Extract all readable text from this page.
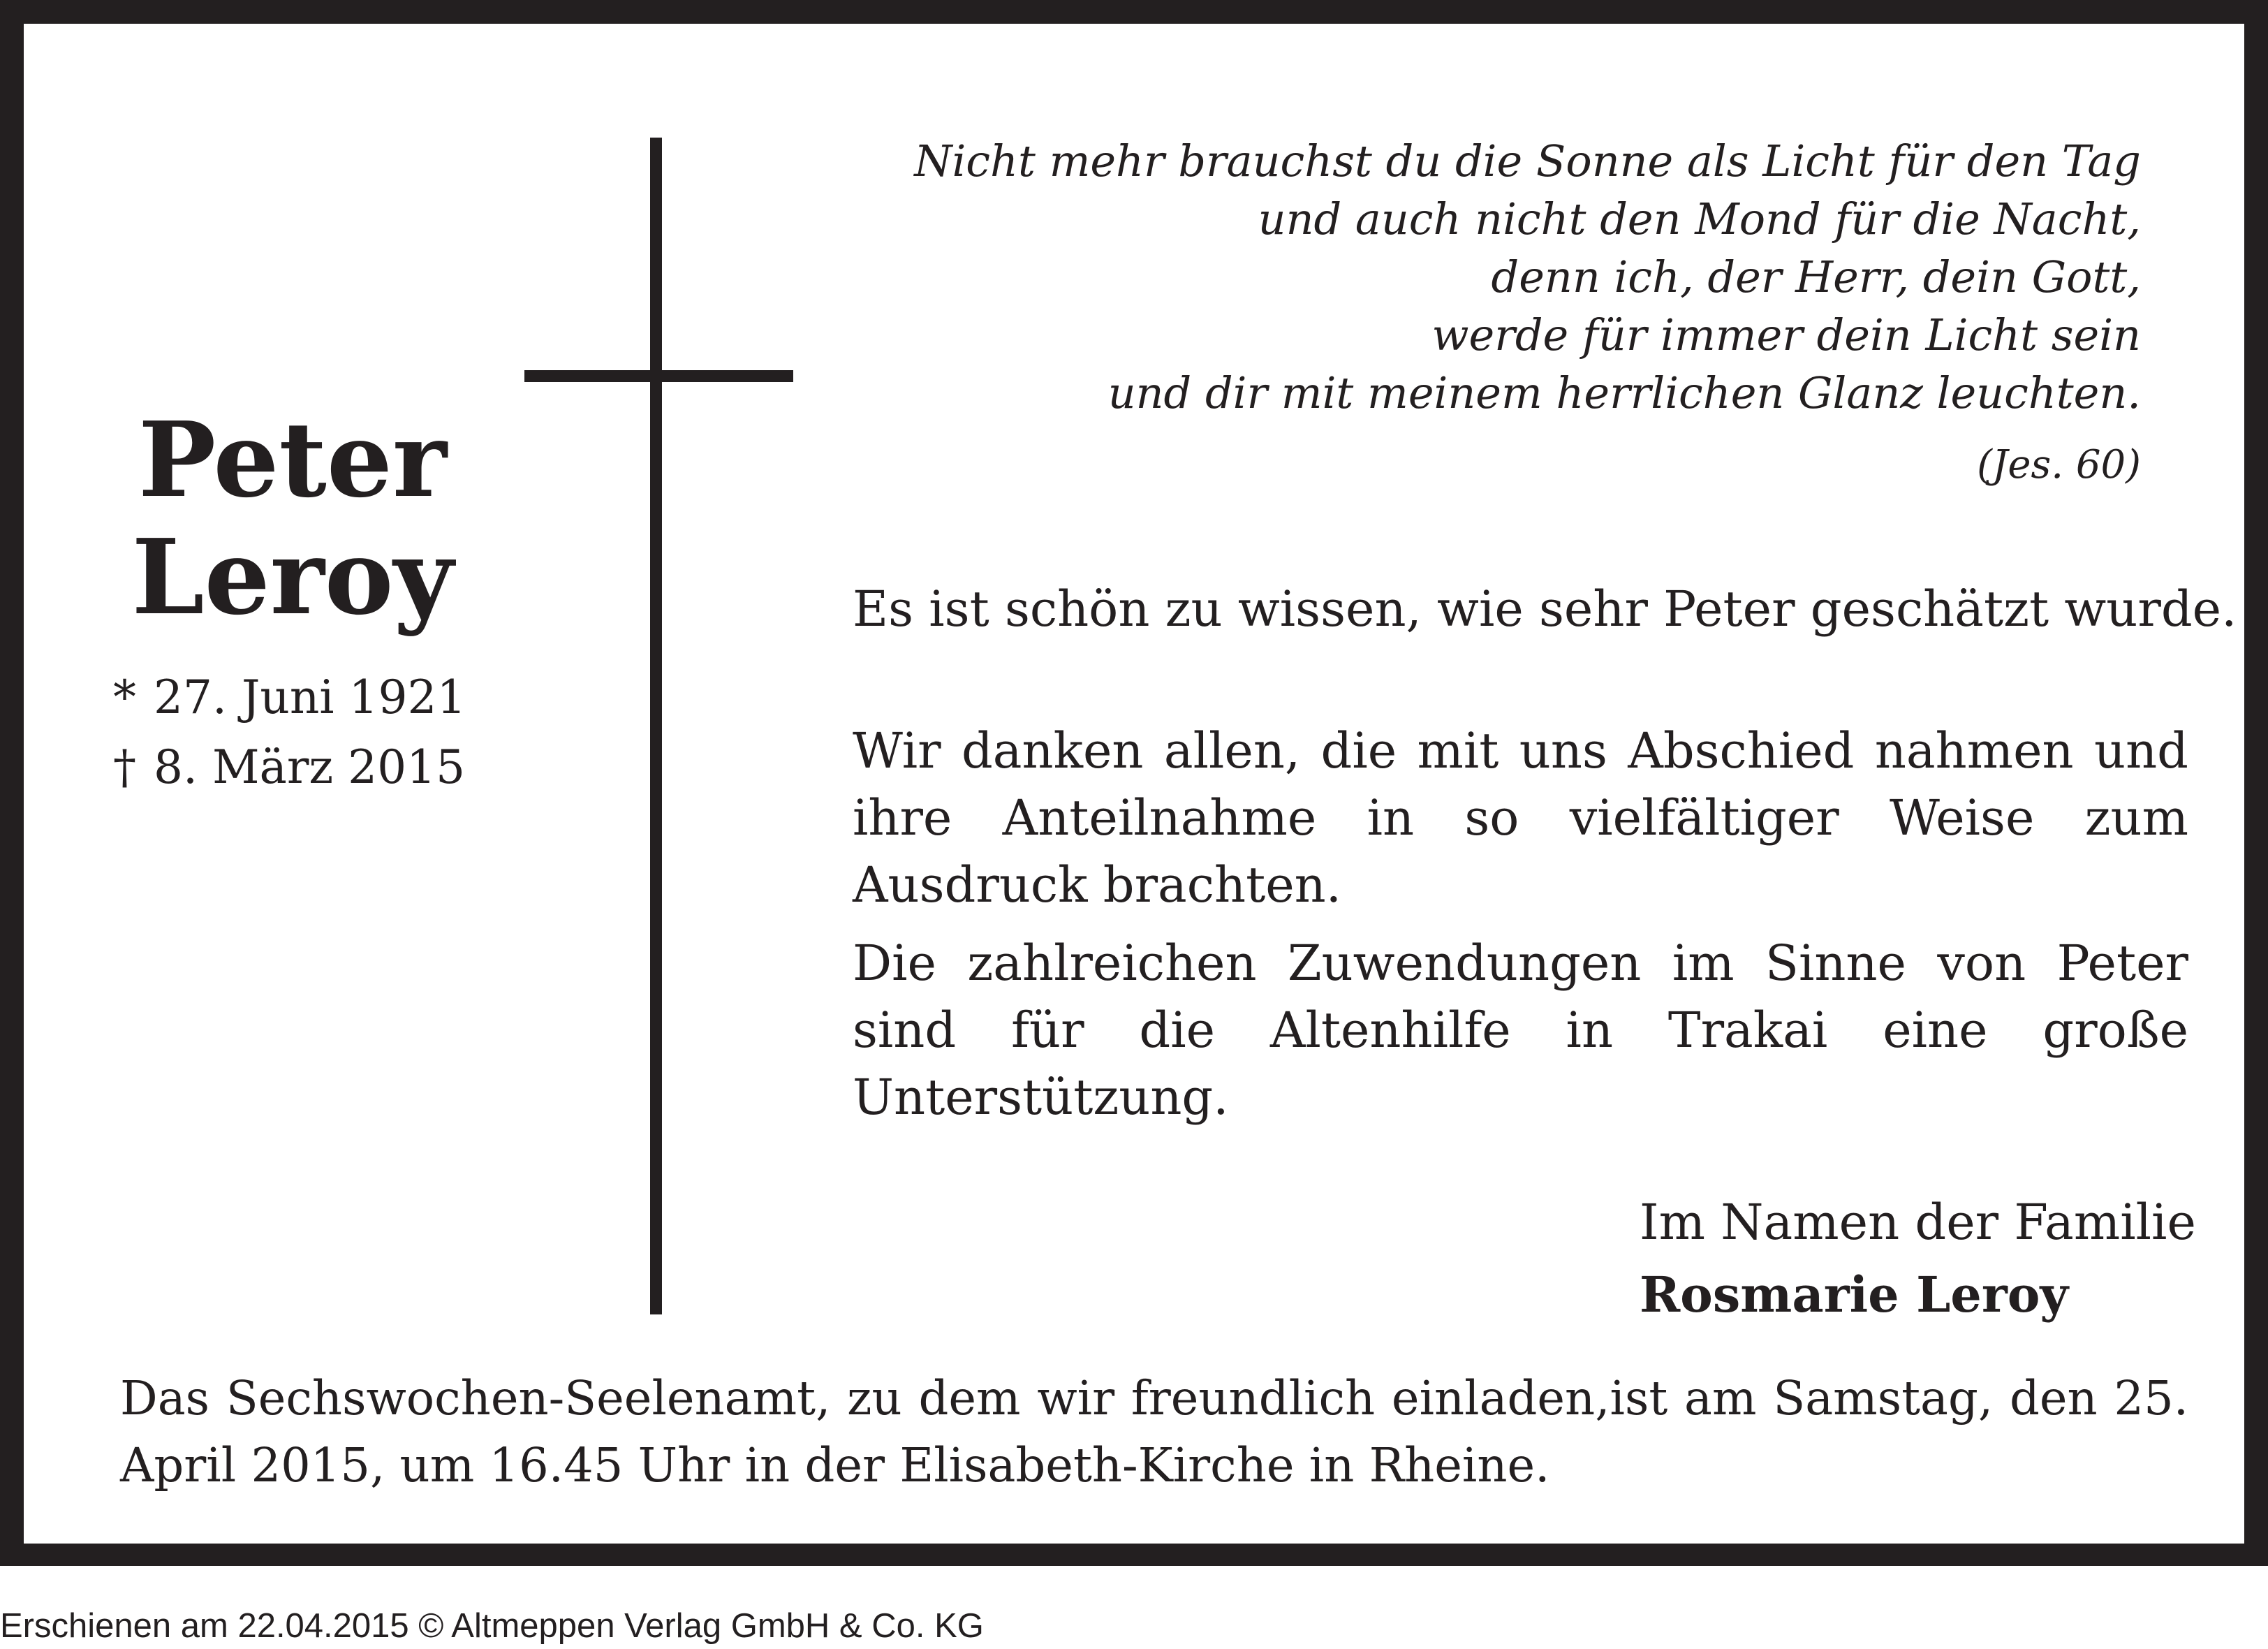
Peter
Leroy
* 27. Juni 1921
† 8. März 2015
Nicht mehr brauchst du die Sonne als Licht für den Tag
und auch nicht den Mond für die Nacht,
denn ich, der Herr, dein Gott,
werde für immer dein Licht sein
und dir mit meinem herrlichen Glanz leuchten.
(Jes. 60)
Es ist schön zu wissen, wie sehr Peter geschätzt wurde.
Wir danken allen, die mit uns Abschied nahmen und ihre Anteilnahme in so vielfältiger Weise zum Ausdruck brachten.
Die zahlreichen Zuwendungen im Sinne von Peter sind für die Altenhilfe in Trakai eine große Unterstützung.
Im Namen der Familie
Rosmarie Leroy
Das Sechswochen-Seelenamt, zu dem wir freundlich einladen,ist am Samstag, den 25. April 2015, um 16.45 Uhr in der Elisabeth-Kirche in Rheine.
Erschienen am 22.04.2015 © Altmeppen Verlag GmbH & Co. KG
